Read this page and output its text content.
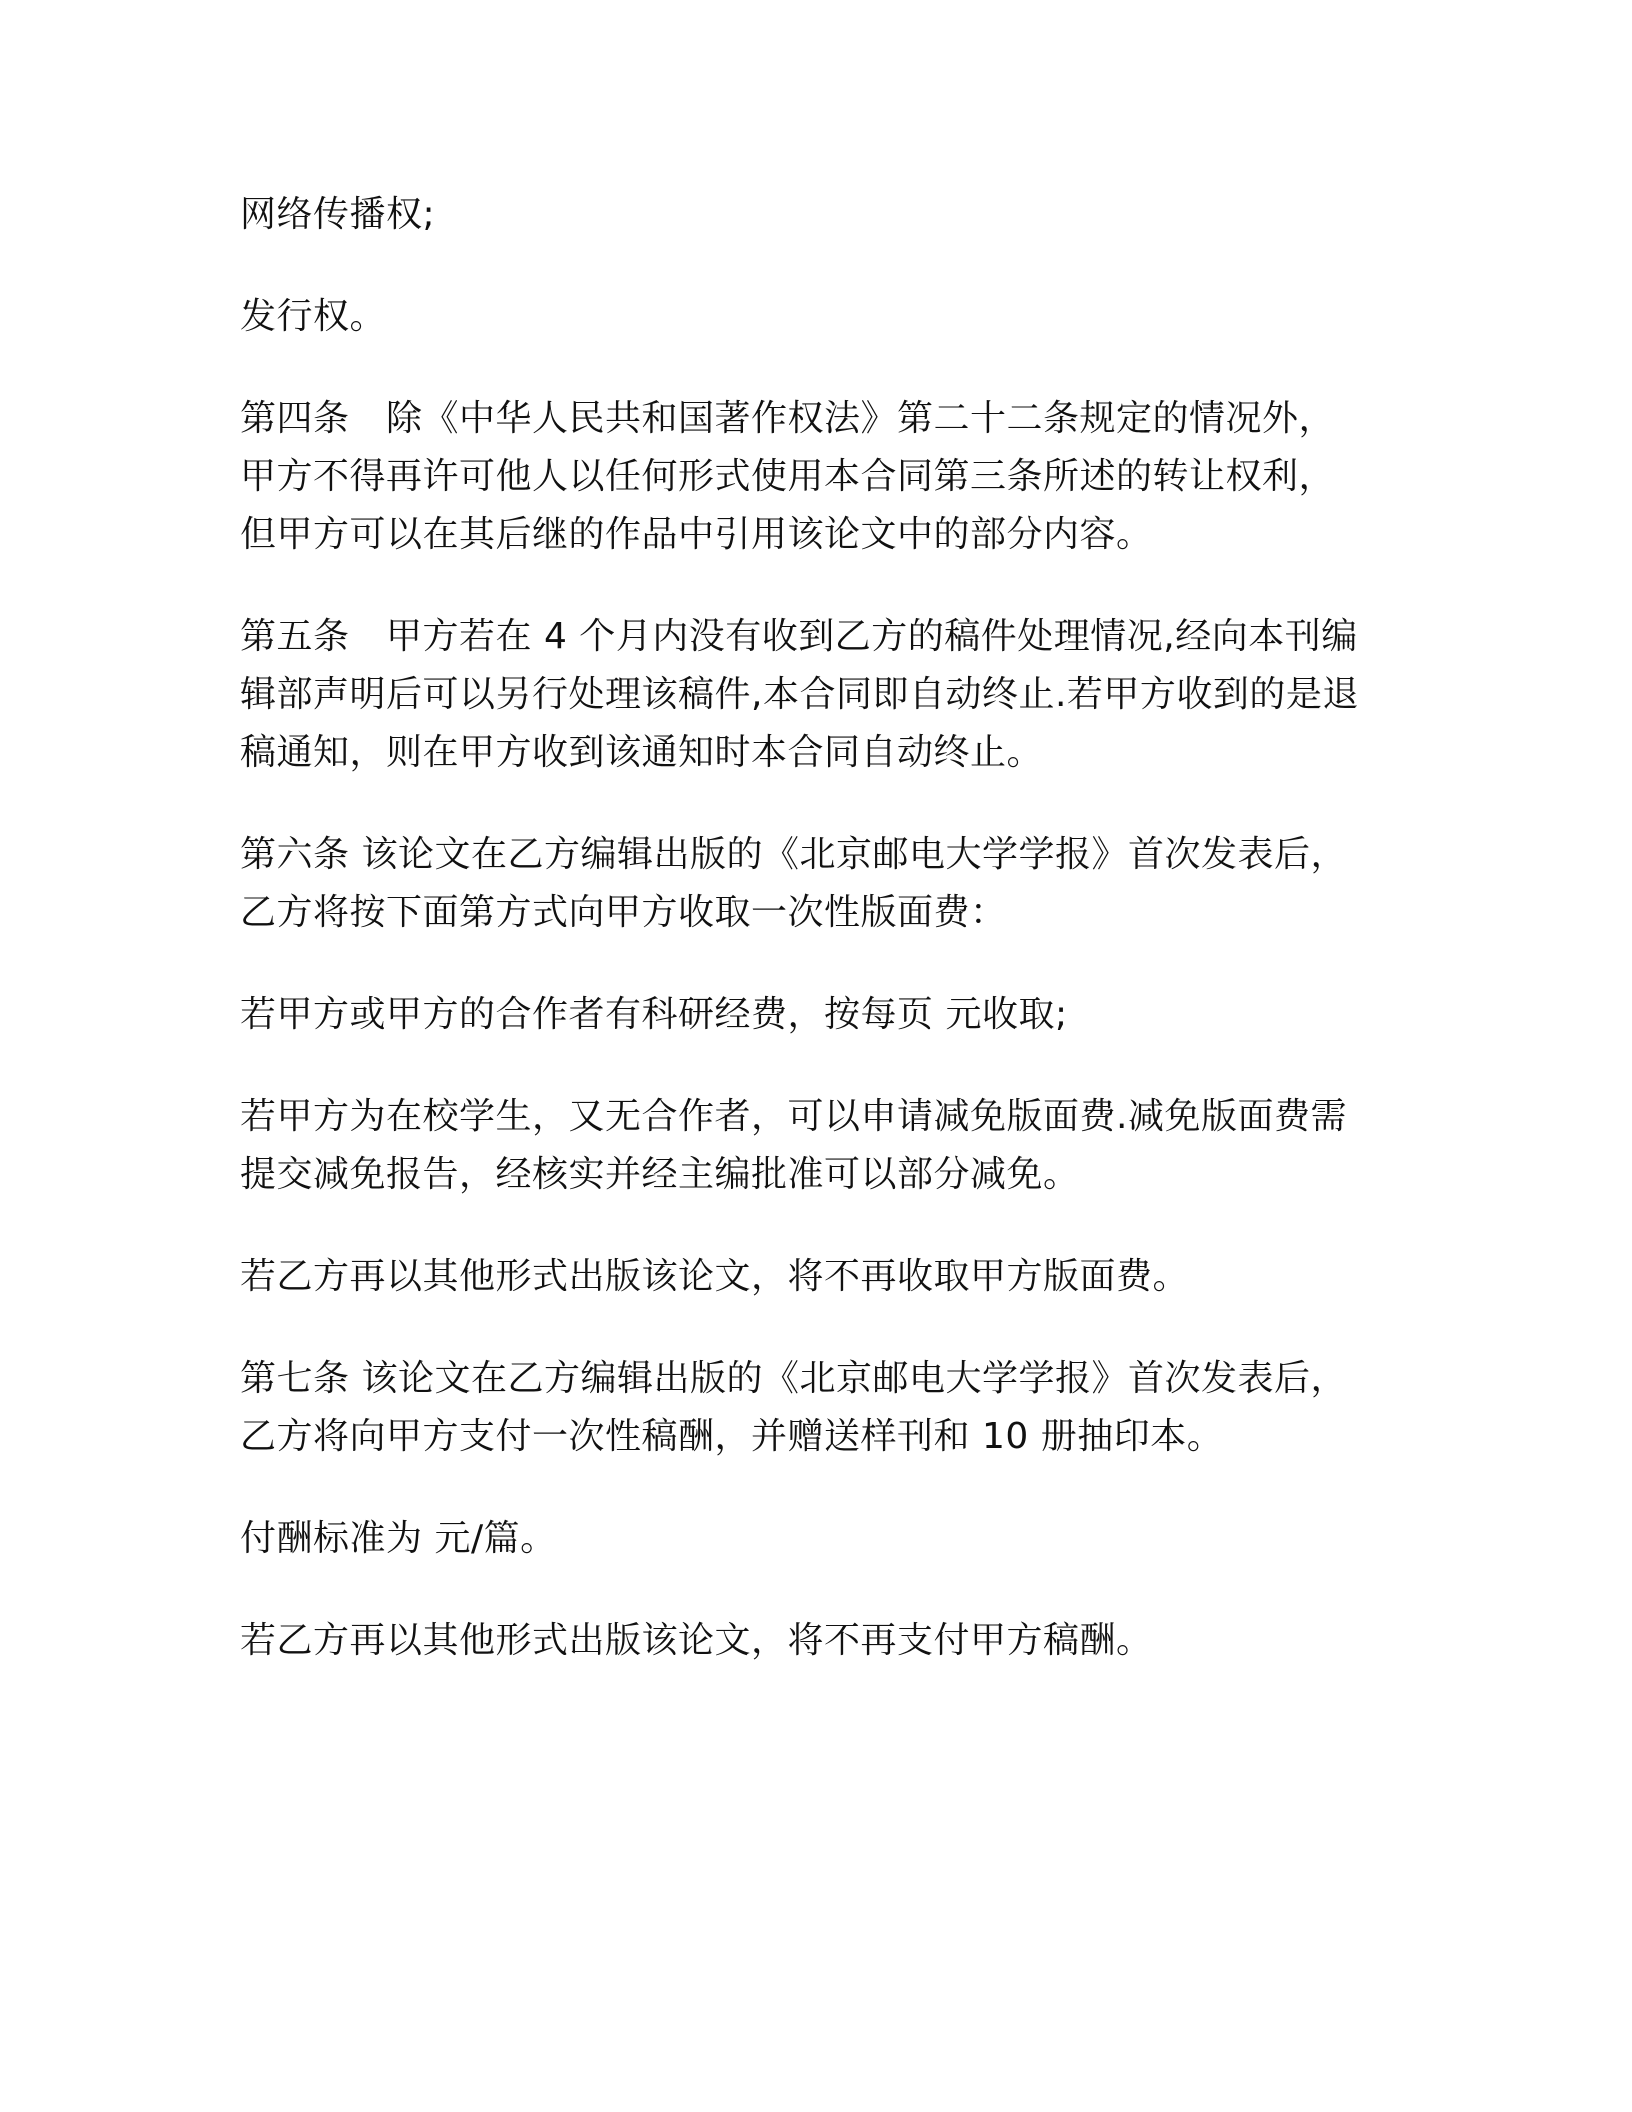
网络传播权;

发行权。

第四条　除《中华人民共和国著作权法》第二十二条规定的情况外，
甲方不得再许可他人以任何形式使用本合同第三条所述的转让权利，
但甲方可以在其后继的作品中引用该论文中的部分内容。

第五条　甲方若在 4 个月内没有收到乙方的稿件处理情况,经向本刊编
辑部声明后可以另行处理该稿件,本合同即自动终止.若甲方收到的是退
稿通知，则在甲方收到该通知时本合同自动终止。

第六条 该论文在乙方编辑出版的《北京邮电大学学报》首次发表后，
乙方将按下面第方式向甲方收取一次性版面费：

若甲方或甲方的合作者有科研经费，按每页 元收取;

若甲方为在校学生，又无合作者，可以申请减免版面费.减免版面费需
提交减免报告，经核实并经主编批准可以部分减免。

若乙方再以其他形式出版该论文，将不再收取甲方版面费。

第七条 该论文在乙方编辑出版的《北京邮电大学学报》首次发表后，
乙方将向甲方支付一次性稿酬，并赠送样刊和 10 册抽印本。

付酬标准为 元/篇。

若乙方再以其他形式出版该论文，将不再支付甲方稿酬。
